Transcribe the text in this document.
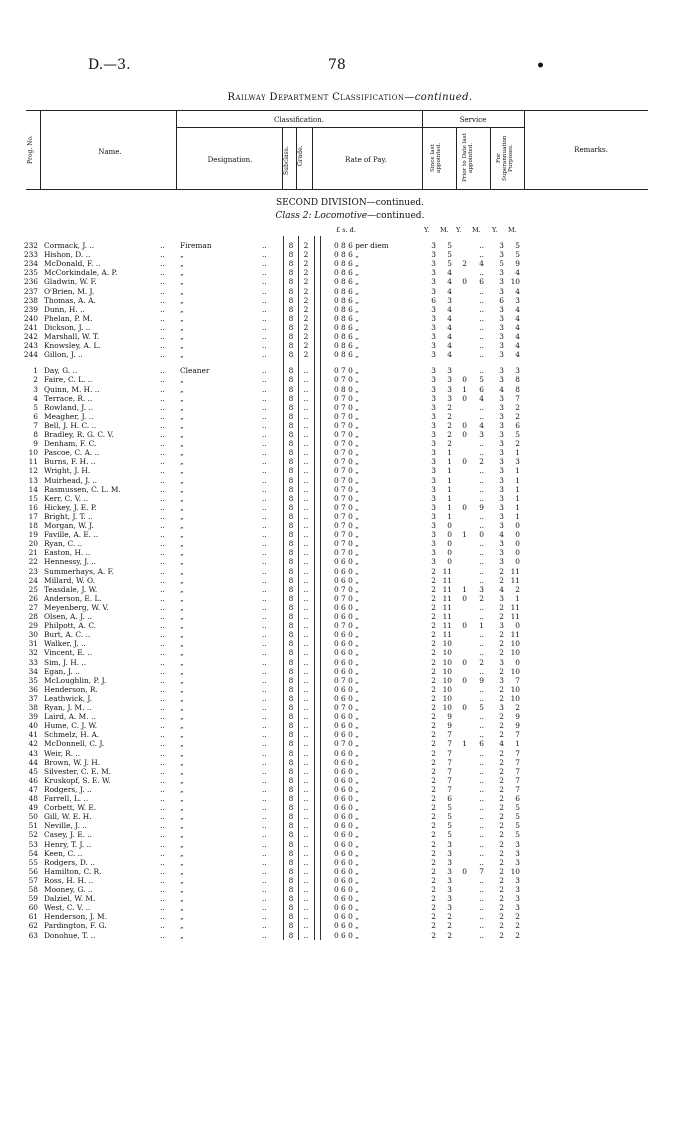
D.—3.	78	•
Railway Department Classification—continued.
Prog. No.	Name.
Classification.
Designation.	Subclass.	Grade.	Rate of Pay.
Service
Since last appointed.	Prior to Date last appointed.	For Superannuation Purposes.	Remarks.
SECOND DIVISION—continued.
Class 2: Locomotive—continued.
£ s. d.	Y. M. Y. M. Y. M.
232 Cormack, J. ..	.. Fireman	..	8	2	0 8 6 per diem	3	5	..	3	5
233 Hishon, D. ..	.. „	..	8	2	0 8 6 „	3	5	..	3	5
234 McDonald, F. ..	.. „	..	8	2	0 8 6 „	3	5	2	4	5	9
235 McCorkindale, A. P.	.. „	..	8	2	0 8 6 „	3	4	..	3	4
236 Gladwin, W. F.	.. „	..	8	2	0 8 6 „	3	4	0	6	3 10
237 O'Brien, M. J.	.. „	..	8	2	0 8 6 „	3	4	..	3	4
238 Thomas, A. A.	.. „	..	8	2	0 8 6 „	6	3	..	6	3
239 Dunn, H. ..	.. „	..	8	2	0 8 6 „	3	4	..	3	4
240 Phelan, P. M.	.. „	..	8	2	0 8 6 „	3	4	..	3	4
241 Dickson, J. ..	.. „	..	8	2	0 8 6 „	3	4	..	3	4
242 Marshall, W. T.	.. „	..	8	2	0 8 6 „	3	4	..	3	4
243 Knowsley, A. L.	.. „	..	8	2	0 8 6 „	3	4	..	3	4
244 Gillon, J. ..	.. „	..	8	2	0 8 6 „	3	4	..	3	4
1 Day, G. ..	.. Cleaner	..	8	..	0 7 0 „	3	3	..	3	3
2 Faire, C. L. ..	.. „	..	8	..	0 7 0 „	3	3	0	5	3	8
3 Quinn, M. H. ..	.. „	..	8	..	0 8 0 „	3	3	1	6	4	8
4 Terrace, R. ..	.. „	..	8	..	0 7 0 „	3	3	0	4	3	7
5 Rowland, J. ..	.. „	..	8	..	0 7 0 „	3	2	..	3	2
6 Meagher, J. ..	.. „	..	8	..	0 7 0 „	3	2	..	3	2
7 Bell, J. H. C. ..	.. „	..	8	..	0 7 0 „	3	2	0	4	3	6
8 Bradley, R. G. C. V.	.. „	..	8	..	0 7 0 „	3	2	0	3	3	5
9 Denham, F. C.	.. „	..	8	..	0 7 0 „	3	2	..	3	2
10 Pascoe, C. A. ..	.. „	..	8	..	0 7 0 „	3	1	..	3	1
11 Burns, F. H. ..	.. „	..	8	..	0 7 0 „	3	1	0	2	3	3
12 Wright, J. H.	.. „	..	8	..	0 7 0 „	3	1	..	3	1
13 Muirhead, J. ..	.. „	..	8	..	0 7 0 „	3	1	..	3	1
14 Rasmussen, C. L. M.	.. „	..	8	..	0 7 0 „	3	1	..	3	1
15 Kerr, C. V. ..	.. „	..	8	..	0 7 0 „	3	1	..	3	1
16 Hickey, J. E. P.	.. „	..	8	..	0 7 0 „	3	1	0	9	3	1
17 Bright, J. T. ..	.. „	..	8	..	0 7 0 „	3	1	..	3	1
18 Morgan, W. J.	.. „	..	8	..	0 7 0 „	3	0	..	3	0
19 Faville, A. E. ..	.. „	..	8	..	0 7 0 „	3	0	1	0	4	0
20 Ryan, C. ..	.. „	..	8	..	0 7 0 „	3	0	..	3	0
21 Easton, H. ..	.. „	..	8	..	0 7 0 „	3	0	..	3	0
22 Hennessy, J. ..	.. „	..	8	..	0 6 0 „	3	0	..	3	0
23 Summerhays, A. F.	.. „	..	8	..	0 6 0 „	2 11	..	2 11
24 Millard, W. O.	.. „	..	8	..	0 6 0 „	2 11	..	2 11
25 Teasdale, J. W.	.. „	..	8	..	0 7 0 „	2 11	1	3	4	2
26 Anderson, E. L.	.. „	..	8	..	0 7 0 „	2 11	0	2	3	1
27 Meyenberg, W. V.	.. „	..	8	..	0 6 0 „	2 11	..	2 11
28 Olsen, A. J. ..	.. „	..	8	..	0 6 0 „	2 11	..	2 11
29 Philpott, A. C.	.. „	..	8	..	0 7 0 „	2 11	0	1	3	0
30 Burt, A. C. ..	.. „	..	8	..	0 6 0 „	2 11	..	2 11
31 Walker, J. ..	.. „	..	8	..	0 6 0 „	2 10	..	2 10
32 Vincent, E. ..	.. „	..	8	..	0 6 0 „	2 10	..	2 10
33 Sim, J. H. ..	.. „	..	8	..	0 6 0 „	2 10	0	2	3	0
34 Egan, J. ..	.. „	..	8	..	0 6 0 „	2 10	..	2 10
35 McLoughlin, P. J.	.. „	..	8	..	0 7 0 „	2 10	0	9	3	7
36 Henderson, R.	.. „	..	8	..	0 6 0 „	2 10	..	2 10
37 Leathwick, J.	.. „	..	8	..	0 6 0 „	2 10	..	2 10
38 Ryan, J. M. ..	.. „	..	8	..	0 7 0 „	2 10	0	5	3	2
39 Laird, A. M. ..	.. „	..	8	..	0 6 0 „	2	9	..	2	9
40 Hume, C. J. W.	.. „	..	8	..	0 6 0 „	2	9	..	2	9
41 Schmelz, H. A.	.. „	..	8	..	0 6 0 „	2	7	..	2	7
42 McDonnell, C. J.	.. „	..	8	..	0 7 0 „	2	7	1	6	4	1
43 Weir, R. ..	.. „	..	8	..	0 6 0 „	2	7	..	2	7
44 Brown, W. J. H.	.. „	..	8	..	0 6 0 „	2	7	..	2	7
45 Silvester, C. E. M.	.. „	..	8	..	0 6 0 „	2	7	..	2	7
46 Kruskopf, S. E. W.	.. „	..	8	..	0 6 0 „	2	7	..	2	7
47 Rodgers, J. ..	.. „	..	8	..	0 6 0 „	2	7	..	2	7
48 Farrell, L. ..	.. „	..	8	..	0 6 0 „	2	6	..	2	6
49 Corbett, W. E.	.. „	..	8	..	0 6 0 „	2	5	..	2	5
50 Gill, W. E. H.	.. „	..	8	..	0 6 0 „	2	5	..	2	5
51 Neville, J. ..	.. „	..	8	..	0 6 0 „	2	5	..	2	5
52 Casey, J. E. ..	.. „	..	8	..	0 6 0 „	2	5	..	2	5
53 Henry, T. J. ..	.. „	..	8	..	0 6 0 „	2	3	..	2	3
54 Keen, C. ..	.. „	..	8	..	0 6 0 „	2	3	..	2	3
55 Rodgers, D. ..	.. „	..	8	..	0 6 0 „	2	3	..	2	3
56 Hamilton, C. R.	.. „	..	8	..	0 6 0 „	2	3	0	7	2 10
57 Ross, H. H. ..	.. „	..	8	..	0 6 0 „	2	3	..	2	3
58 Mooney, G. ..	.. „	..	8	..	0 6 0 „	2	3	..	2	3
59 Dalziel, W. M.	.. „	..	8	..	0 6 0 „	2	3	..	2	3
60 West, C. V. ..	.. „	..	8	..	0 6 0 „	2	3	..	2	3
61 Henderson, J. M.	.. „	..	8	..	0 6 0 „	2	2	..	2	2
62 Pardington, F. G.	.. „	..	8	..	0 6 0 „	2	2	..	2	2
63 Donohue, T. ..	.. „	..	8	..	0 6 0 „	2	2	..	2	2
